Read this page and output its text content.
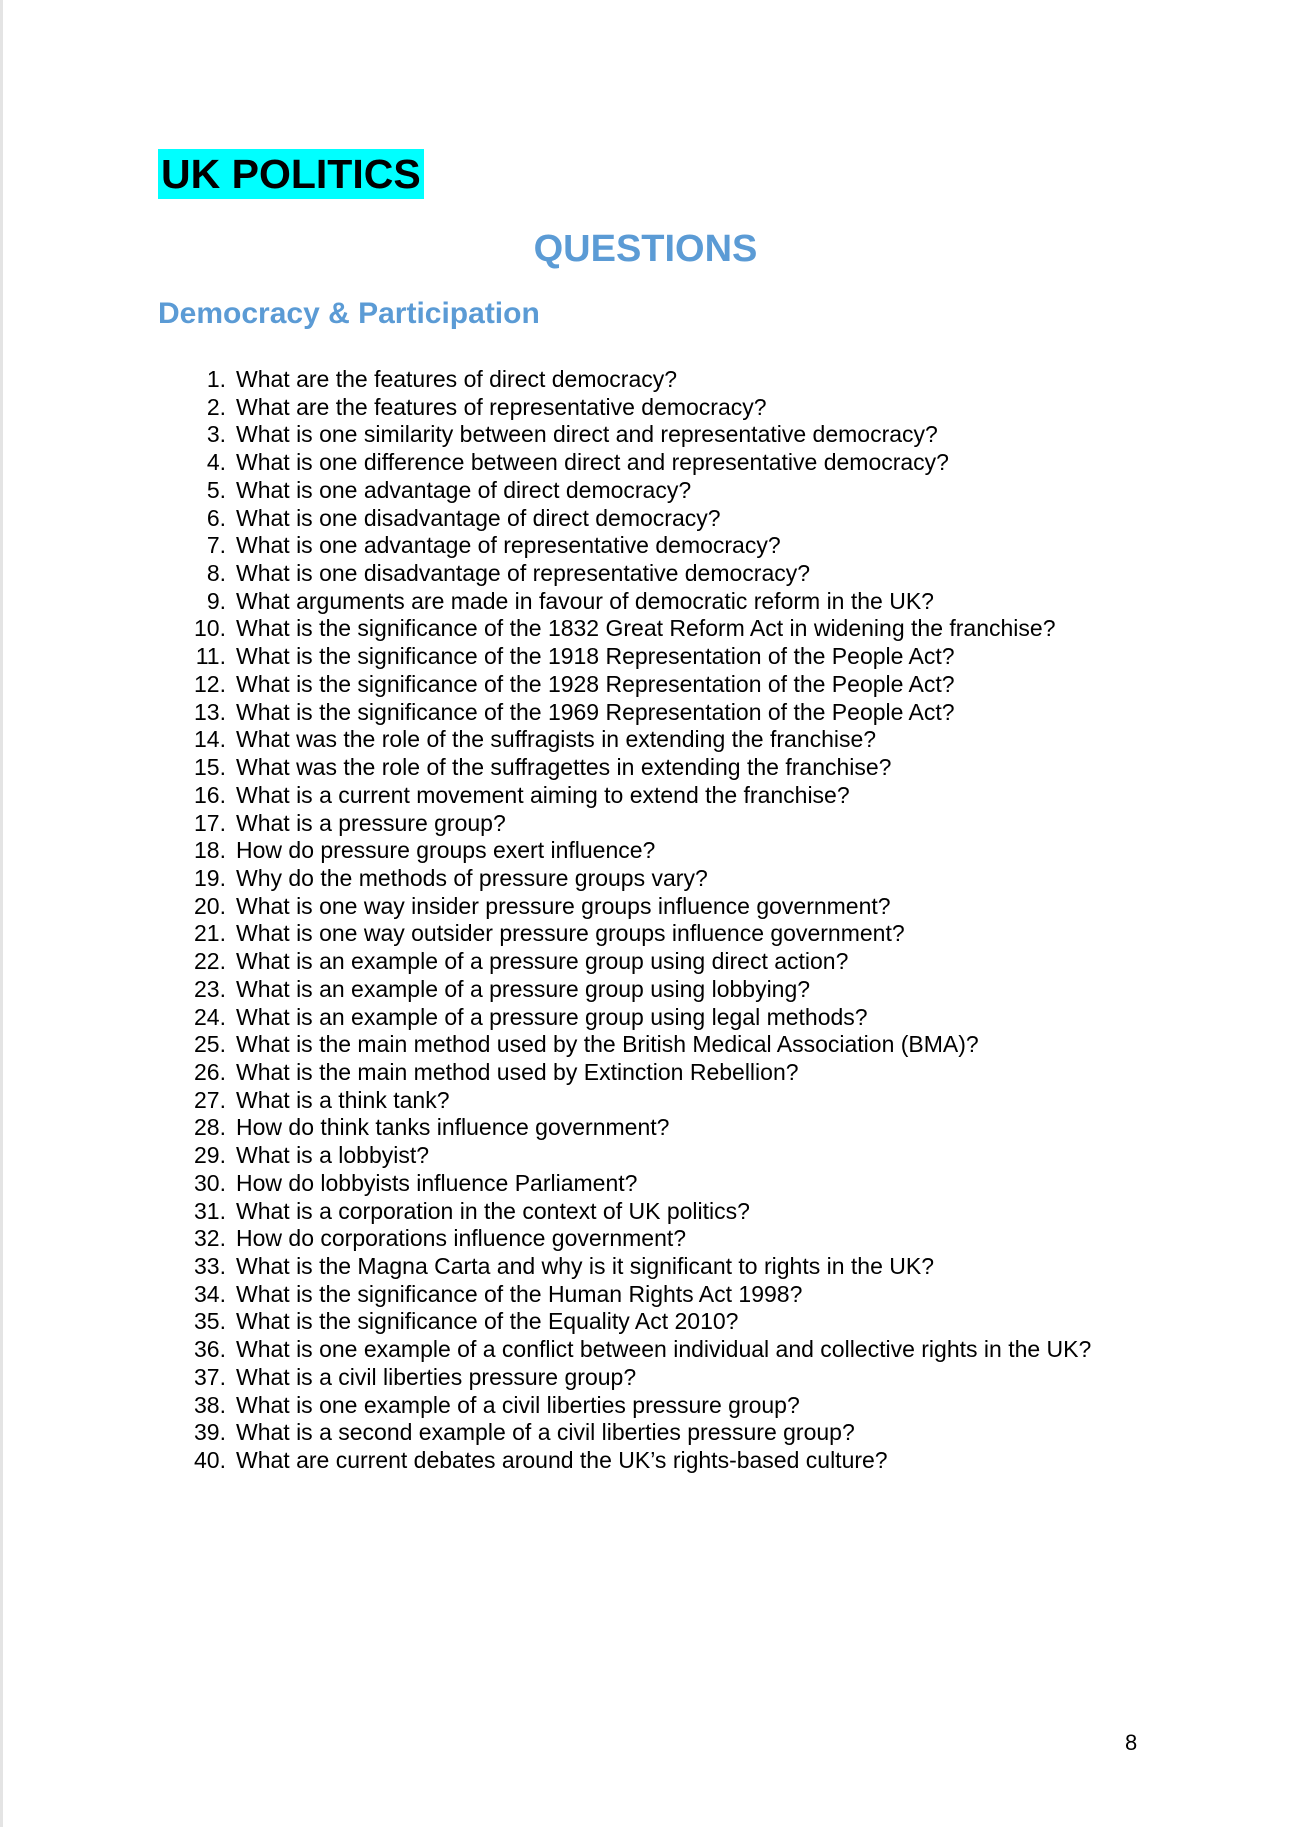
UK POLITICS
QUESTIONS
Democracy & Participation
1. What are the features of direct democracy?
2. What are the features of representative democracy?
3. What is one similarity between direct and representative democracy?
4. What is one difference between direct and representative democracy?
5. What is one advantage of direct democracy?
6. What is one disadvantage of direct democracy?
7. What is one advantage of representative democracy?
8. What is one disadvantage of representative democracy?
9. What arguments are made in favour of democratic reform in the UK?
10. What is the significance of the 1832 Great Reform Act in widening the franchise?
11. What is the significance of the 1918 Representation of the People Act?
12. What is the significance of the 1928 Representation of the People Act?
13. What is the significance of the 1969 Representation of the People Act?
14. What was the role of the suffragists in extending the franchise?
15. What was the role of the suffragettes in extending the franchise?
16. What is a current movement aiming to extend the franchise?
17. What is a pressure group?
18. How do pressure groups exert influence?
19. Why do the methods of pressure groups vary?
20. What is one way insider pressure groups influence government?
21. What is one way outsider pressure groups influence government?
22. What is an example of a pressure group using direct action?
23. What is an example of a pressure group using lobbying?
24. What is an example of a pressure group using legal methods?
25. What is the main method used by the British Medical Association (BMA)?
26. What is the main method used by Extinction Rebellion?
27. What is a think tank?
28. How do think tanks influence government?
29. What is a lobbyist?
30. How do lobbyists influence Parliament?
31. What is a corporation in the context of UK politics?
32. How do corporations influence government?
33. What is the Magna Carta and why is it significant to rights in the UK?
34. What is the significance of the Human Rights Act 1998?
35. What is the significance of the Equality Act 2010?
36. What is one example of a conflict between individual and collective rights in the UK?
37. What is a civil liberties pressure group?
38. What is one example of a civil liberties pressure group?
39. What is a second example of a civil liberties pressure group?
40. What are current debates around the UK’s rights-based culture?
8
